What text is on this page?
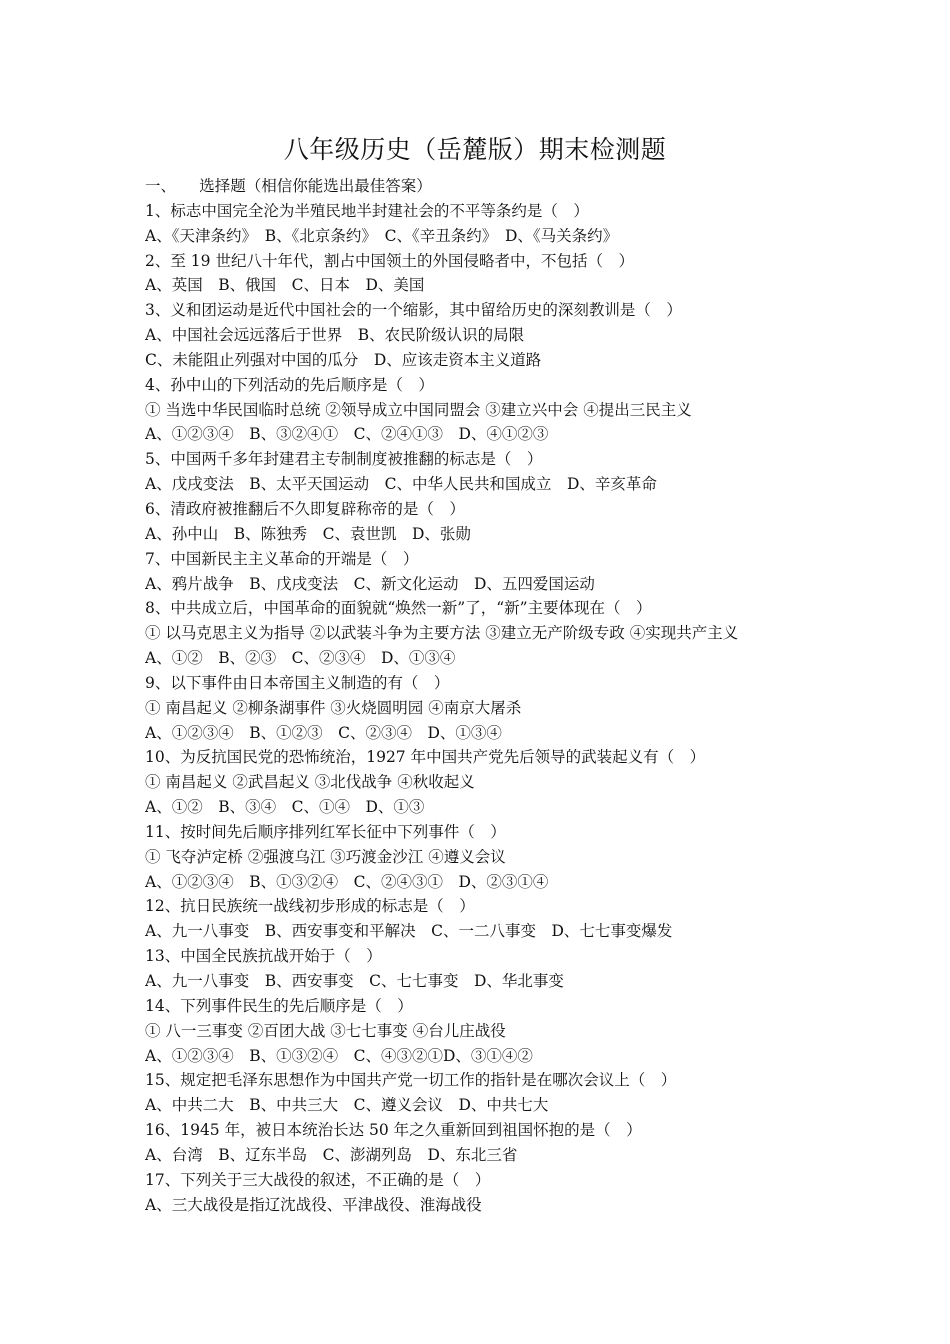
八年级历史（岳麓版）期末检测题
一、　　选择题（相信你能选出最佳答案）
1、标志中国完全沦为半殖民地半封建社会的不平等条约是（　）
A、《天津条约》　B、《北京条约》　C、《辛丑条约》　D、《马关条约》
2、至 19 世纪八十年代，割占中国领土的外国侵略者中，不包括（　）
A、英国　B、俄国　C、日本　D、美国
3、义和团运动是近代中国社会的一个缩影，其中留给历史的深刻教训是（　）
A、中国社会远远落后于世界　B、农民阶级认识的局限
C、未能阻止列强对中国的瓜分　D、应该走资本主义道路
4、孙中山的下列活动的先后顺序是（　）
① 当选中华民国临时总统 ②领导成立中国同盟会 ③建立兴中会 ④提出三民主义
A、①②③④　B、③②④①　C、②④①③　D、④①②③
5、中国两千多年封建君主专制制度被推翻的标志是（　）
A、戊戌变法　B、太平天国运动　C、中华人民共和国成立　D、辛亥革命
6、清政府被推翻后不久即复辟称帝的是（　）
A、孙中山　B、陈独秀　C、袁世凯　D、张勋
7、中国新民主主义革命的开端是（　）
A、鸦片战争　B、戊戌变法　C、新文化运动　D、五四爱国运动
8、中共成立后，中国革命的面貌就“焕然一新”了，“新”主要体现在（　）
① 以马克思主义为指导 ②以武装斗争为主要方法 ③建立无产阶级专政 ④实现共产主义
A、①②　B、②③　C、②③④　D、①③④
9、以下事件由日本帝国主义制造的有（　）
① 南昌起义 ②柳条湖事件 ③火烧圆明园 ④南京大屠杀
A、①②③④　B、①②③　C、②③④　D、①③④
10、为反抗国民党的恐怖统治，1927 年中国共产党先后领导的武装起义有（　）
① 南昌起义 ②武昌起义 ③北伐战争 ④秋收起义
A、①②　B、③④　C、①④　D、①③
11、按时间先后顺序排列红军长征中下列事件（　）
① 飞夺泸定桥 ②强渡乌江 ③巧渡金沙江 ④遵义会议
A、①②③④　B、①③②④　C、②④③①　D、②③①④
12、抗日民族统一战线初步形成的标志是（　）
A、九一八事变　B、西安事变和平解决　C、一二八事变　D、七七事变爆发
13、中国全民族抗战开始于（　）
A、九一八事变　B、西安事变　C、七七事变　D、华北事变
14、下列事件民生的先后顺序是（　）
① 八一三事变 ②百团大战 ③七七事变 ④台儿庄战役
A、①②③④　B、①③②④　C、④③②①D、③①④②
15、规定把毛泽东思想作为中国共产党一切工作的指针是在哪次会议上（　）
A、中共二大　B、中共三大　C、遵义会议　D、中共七大
16、1945 年，被日本统治长达 50 年之久重新回到祖国怀抱的是（　）
A、台湾　B、辽东半岛　C、澎湖列岛　D、东北三省
17、下列关于三大战役的叙述，不正确的是（　）
A、三大战役是指辽沈战役、平津战役、淮海战役
